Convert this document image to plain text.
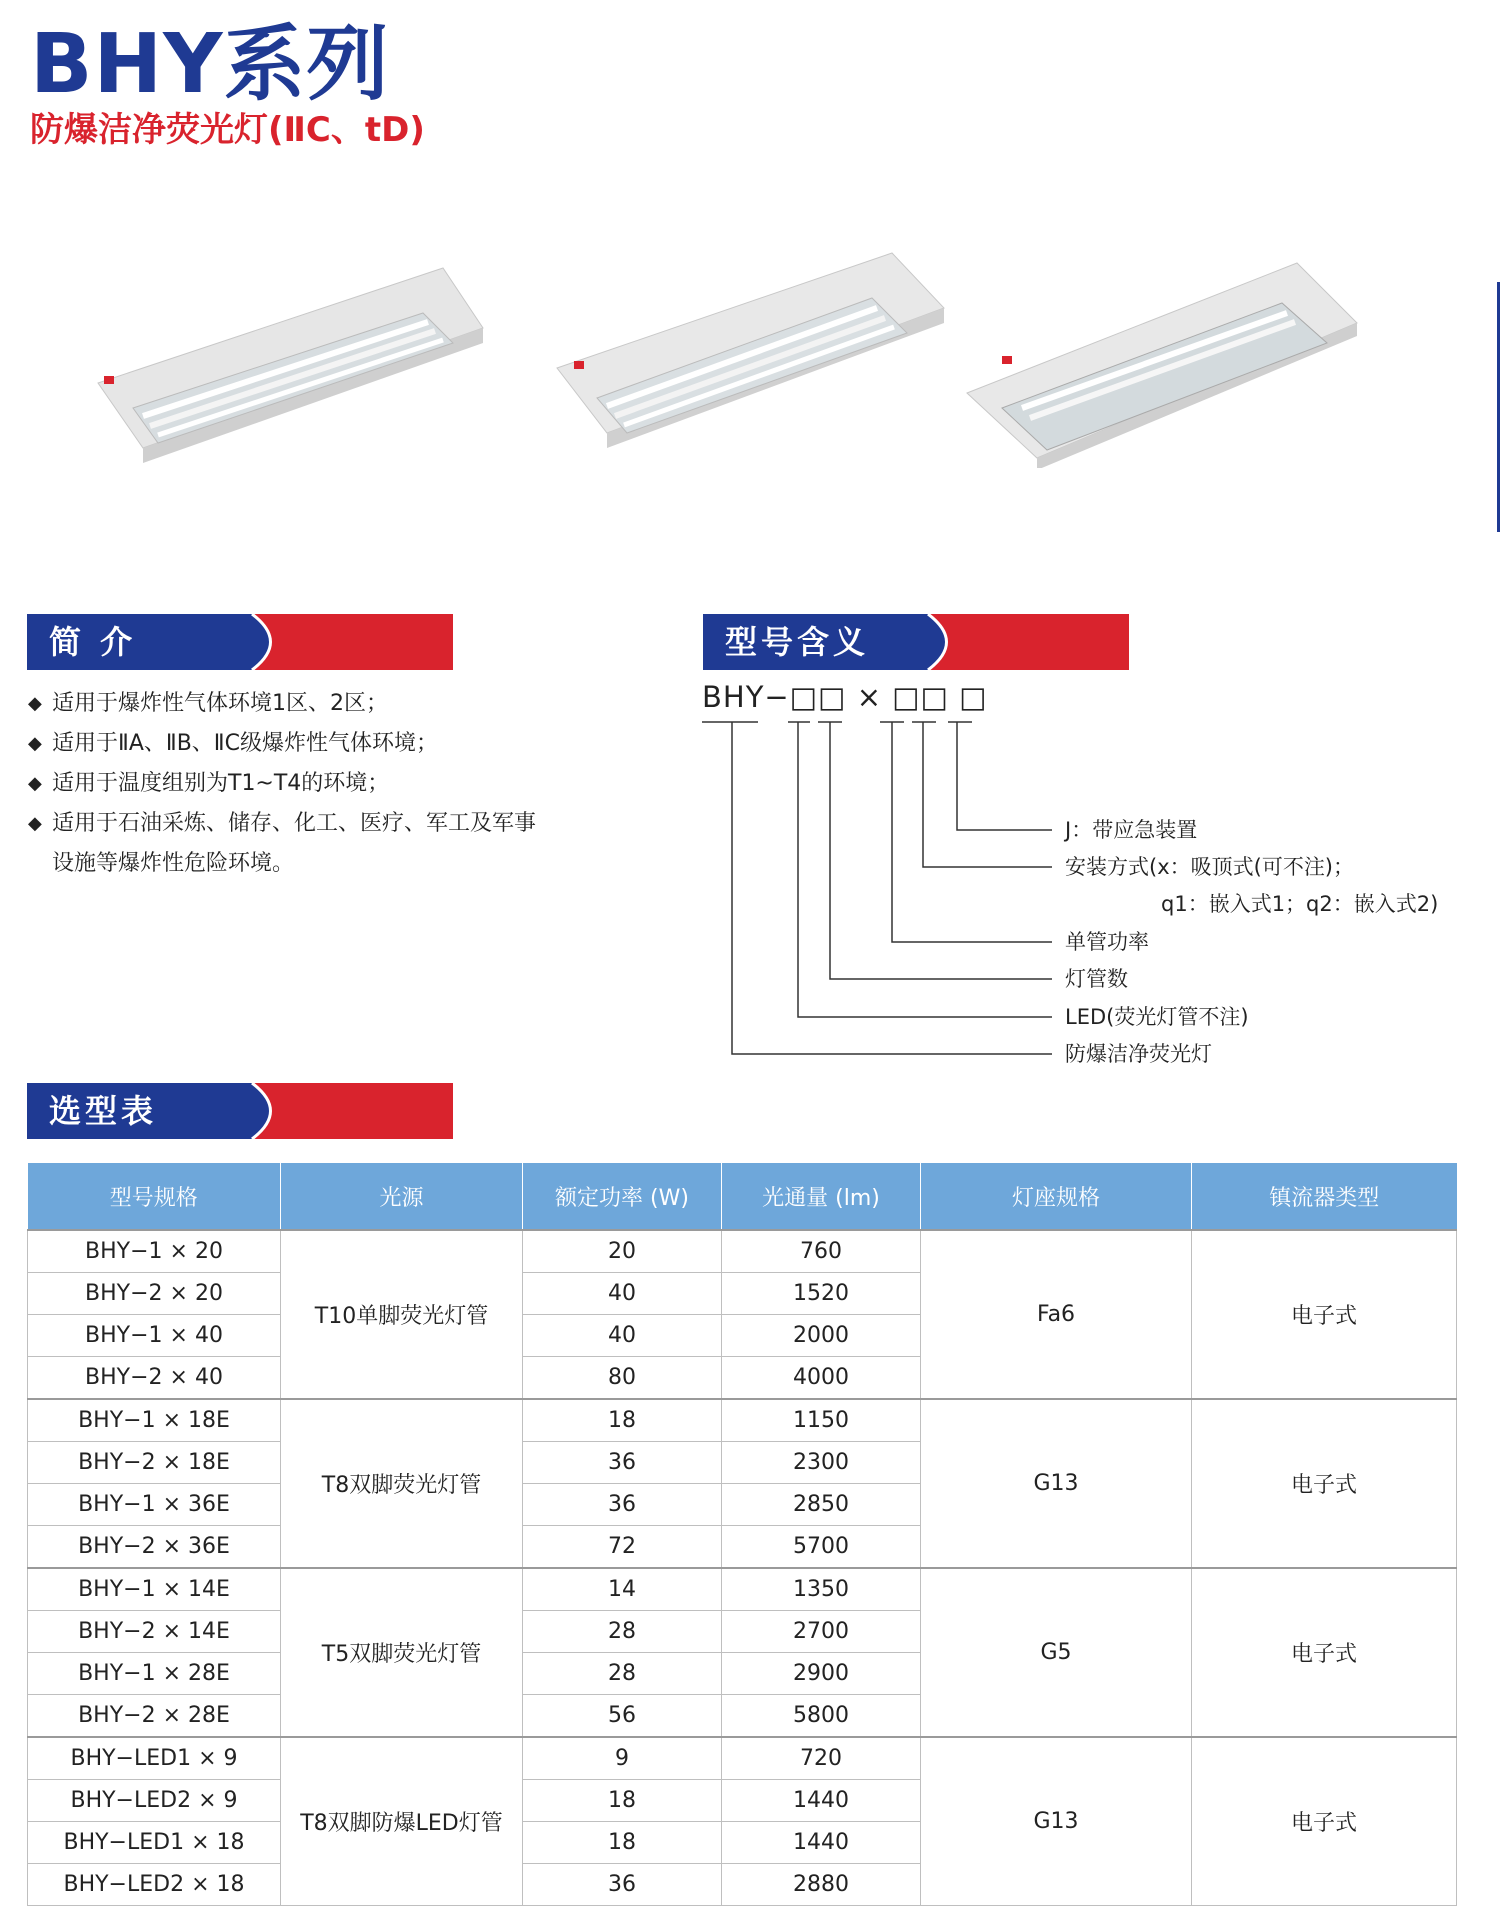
BHY系列
防爆洁净荧光灯(ⅡC、tD)
简 介	型号含义
◆ 适用于爆炸性气体环境1区、2区；
◆ 适用于ⅡA、ⅡB、ⅡC级爆炸性气体环境；
◆ 适用于温度组别为T1~T4的环境；
◆ 适用于石油采炼、储存、化工、医疗、军工及军事
设施等爆炸性危险环境。
BHY−□□ × □□ □
J：带应急装置
安装方式(x：吸顶式(可不注)；
q1：嵌入式1；q2：嵌入式2)
单管功率
灯管数
LED(荧光灯管不注)
防爆洁净荧光灯
选型表
型号规格	光源	额定功率 (W)	光通量 (lm)	灯座规格	镇流器类型
BHY−1 × 20	T10单脚荧光灯管	20	760	Fa6	电子式
BHY−2 × 20		40	1520		
BHY−1 × 40		40	2000		
BHY−2 × 40		80	4000		
BHY−1 × 18E	T8双脚荧光灯管	18	1150	G13	电子式
BHY−2 × 18E		36	2300		
BHY−1 × 36E		36	2850		
BHY−2 × 36E		72	5700		
BHY−1 × 14E	T5双脚荧光灯管	14	1350	G5	电子式
BHY−2 × 14E		28	2700		
BHY−1 × 28E		28	2900		
BHY−2 × 28E		56	5800		
BHY−LED1 × 9	T8双脚防爆LED灯管	9	720	G13	电子式
BHY−LED2 × 9		18	1440		
BHY−LED1 × 18		18	1440		
BHY−LED2 × 18		36	2880		
